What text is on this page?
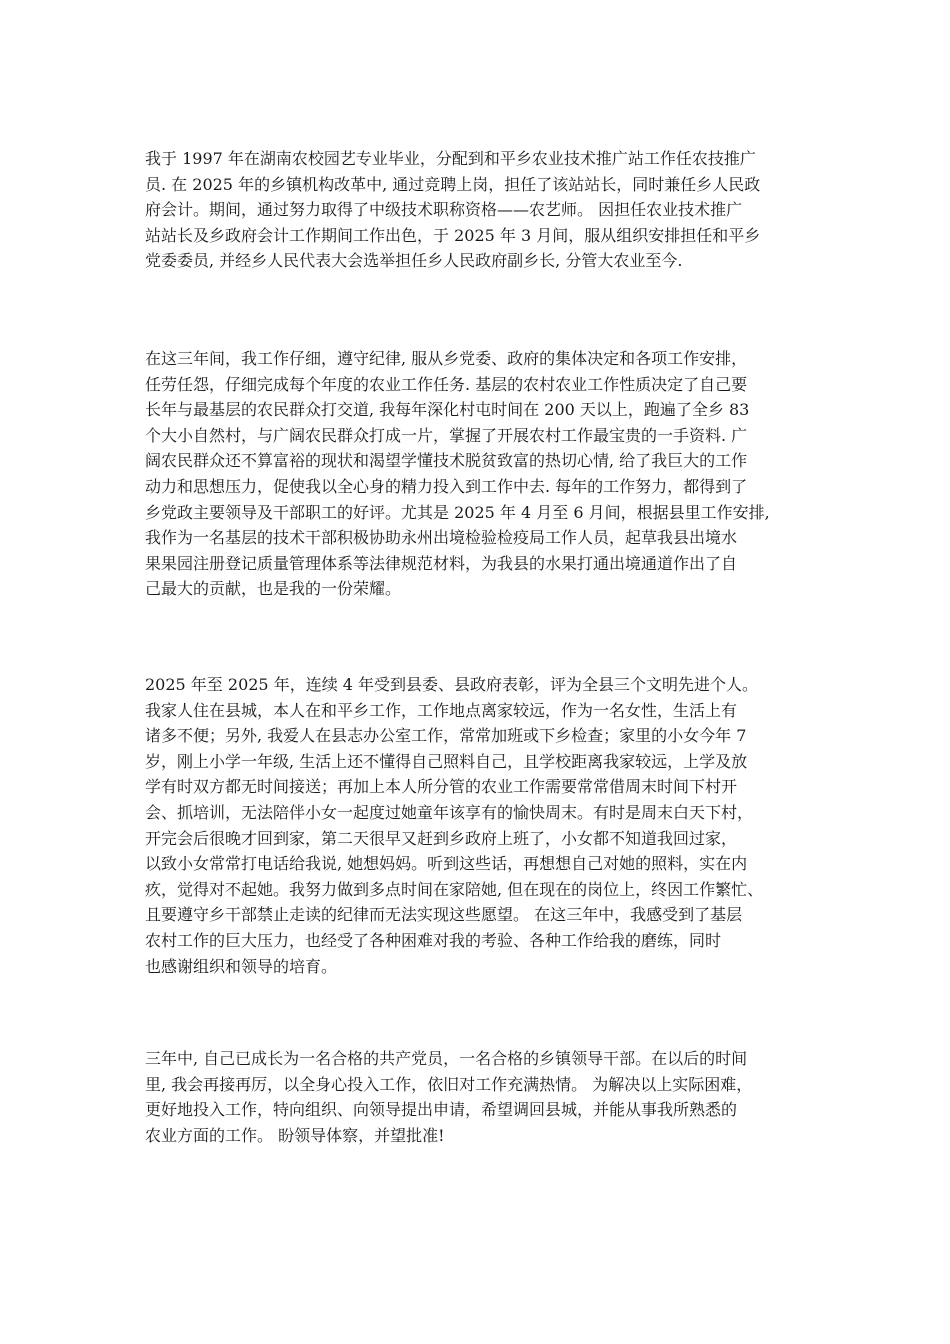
我于 1997 年在湖南农校园艺专业毕业，分配到和平乡农业技术推广站工作任农技推广
员. 在 2025 年的乡镇机构改革中, 通过竞聘上岗，担任了该站站长，同时兼任乡人民政
府会计。期间，通过努力取得了中级技术职称资格——农艺师。 因担任农业技术推广
站站长及乡政府会计工作期间工作出色，于 2025 年 3 月间，服从组织安排担任和平乡
党委委员, 并经乡人民代表大会选举担任乡人民政府副乡长, 分管大农业至今.

在这三年间，我工作仔细，遵守纪律, 服从乡党委、政府的集体决定和各项工作安排，
任劳任怨，仔细完成每个年度的农业工作任务. 基层的农村农业工作性质决定了自己要
长年与最基层的农民群众打交道, 我每年深化村屯时间在 200 天以上，跑遍了全乡 83
个大小自然村，与广阔农民群众打成一片，掌握了开展农村工作最宝贵的一手资料. 广
阔农民群众还不算富裕的现状和渴望学懂技术脱贫致富的热切心情, 给了我巨大的工作
动力和思想压力，促使我以全心身的精力投入到工作中去. 每年的工作努力，都得到了
乡党政主要领导及干部职工的好评。尤其是 2025 年 4 月至 6 月间，根据县里工作安排,
我作为一名基层的技术干部积极协助永州出境检验检疫局工作人员，起草我县出境水
果果园注册登记质量管理体系等法律规范材料，为我县的水果打通出境通道作出了自
己最大的贡献，也是我的一份荣耀。

2025 年至 2025 年，连续 4 年受到县委、县政府表彰，评为全县三个文明先进个人。
我家人住在县城，本人在和平乡工作，工作地点离家较远，作为一名女性，生活上有
诸多不便；另外, 我爱人在县志办公室工作，常常加班或下乡检查；家里的小女今年 7
岁，刚上小学一年级, 生活上还不懂得自己照料自己，且学校距离我家较远，上学及放
学有时双方都无时间接送；再加上本人所分管的农业工作需要常常借周末时间下村开
会、抓培训，无法陪伴小女一起度过她童年该享有的愉快周末。有时是周末白天下村，
开完会后很晚才回到家，第二天很早又赶到乡政府上班了，小女都不知道我回过家，
以致小女常常打电话给我说, 她想妈妈。听到这些话，再想想自己对她的照料，实在内
疚，觉得对不起她。我努力做到多点时间在家陪她, 但在现在的岗位上，终因工作繁忙、
且要遵守乡干部禁止走读的纪律而无法实现这些愿望。 在这三年中，我感受到了基层
农村工作的巨大压力，也经受了各种困难对我的考验、各种工作给我的磨练，同时
也感谢组织和领导的培育。

三年中, 自己已成长为一名合格的共产党员，一名合格的乡镇领导干部。在以后的时间
里, 我会再接再厉，以全身心投入工作，依旧对工作充满热情。 为解决以上实际困难，
更好地投入工作，特向组织、向领导提出申请，希望调回县城，并能从事我所熟悉的
农业方面的工作。 盼领导体察，并望批准!
